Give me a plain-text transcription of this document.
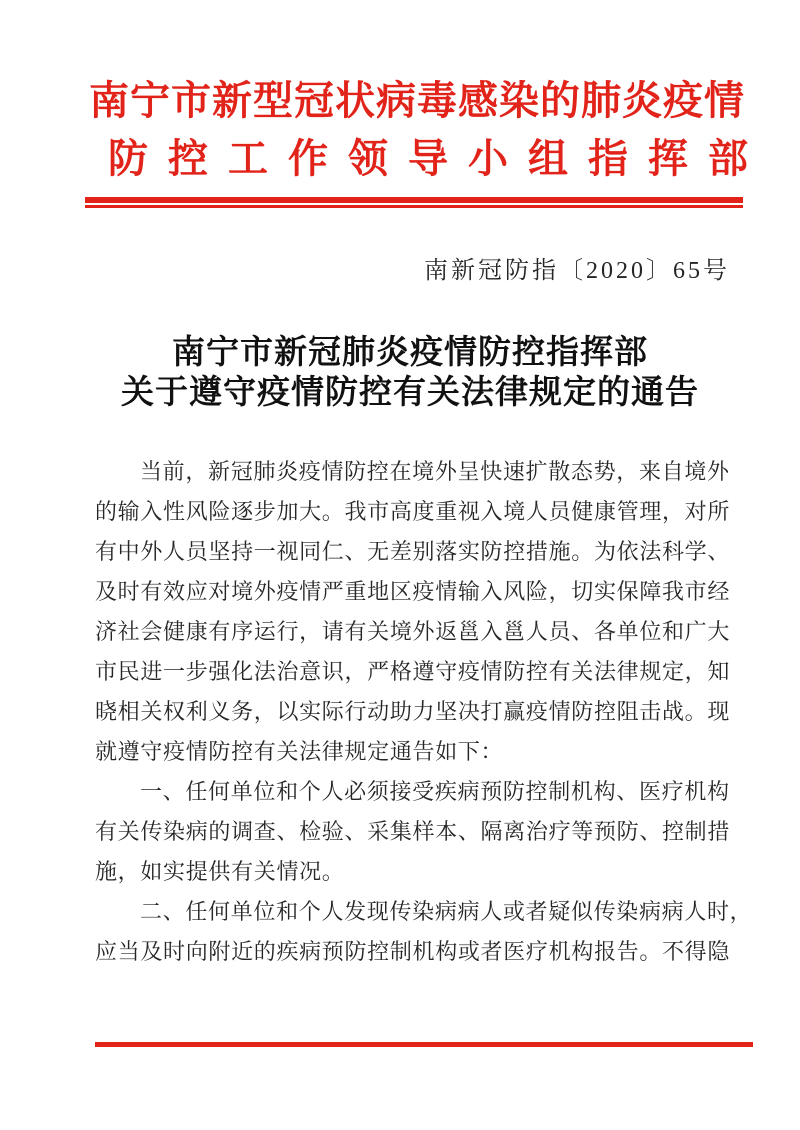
南宁市新型冠状病毒感染的肺炎疫情
防控工作领导小组指挥部
南新冠防指〔2020〕65号
南宁市新冠肺炎疫情防控指挥部
关于遵守疫情防控有关法律规定的通告
当前，新冠肺炎疫情防控在境外呈快速扩散态势，来自境外
的输入性风险逐步加大。我市高度重视入境人员健康管理，对所
有中外人员坚持一视同仁、无差别落实防控措施。为依法科学、
及时有效应对境外疫情严重地区疫情输入风险，切实保障我市经
济社会健康有序运行，请有关境外返邕入邕人员、各单位和广大
市民进一步强化法治意识，严格遵守疫情防控有关法律规定，知
晓相关权利义务，以实际行动助力坚决打赢疫情防控阻击战。现
就遵守疫情防控有关法律规定通告如下：
一、任何单位和个人必须接受疾病预防控制机构、医疗机构
有关传染病的调查、检验、采集样本、隔离治疗等预防、控制措
施，如实提供有关情况。
二、任何单位和个人发现传染病病人或者疑似传染病病人时，
应当及时向附近的疾病预防控制机构或者医疗机构报告。不得隐
